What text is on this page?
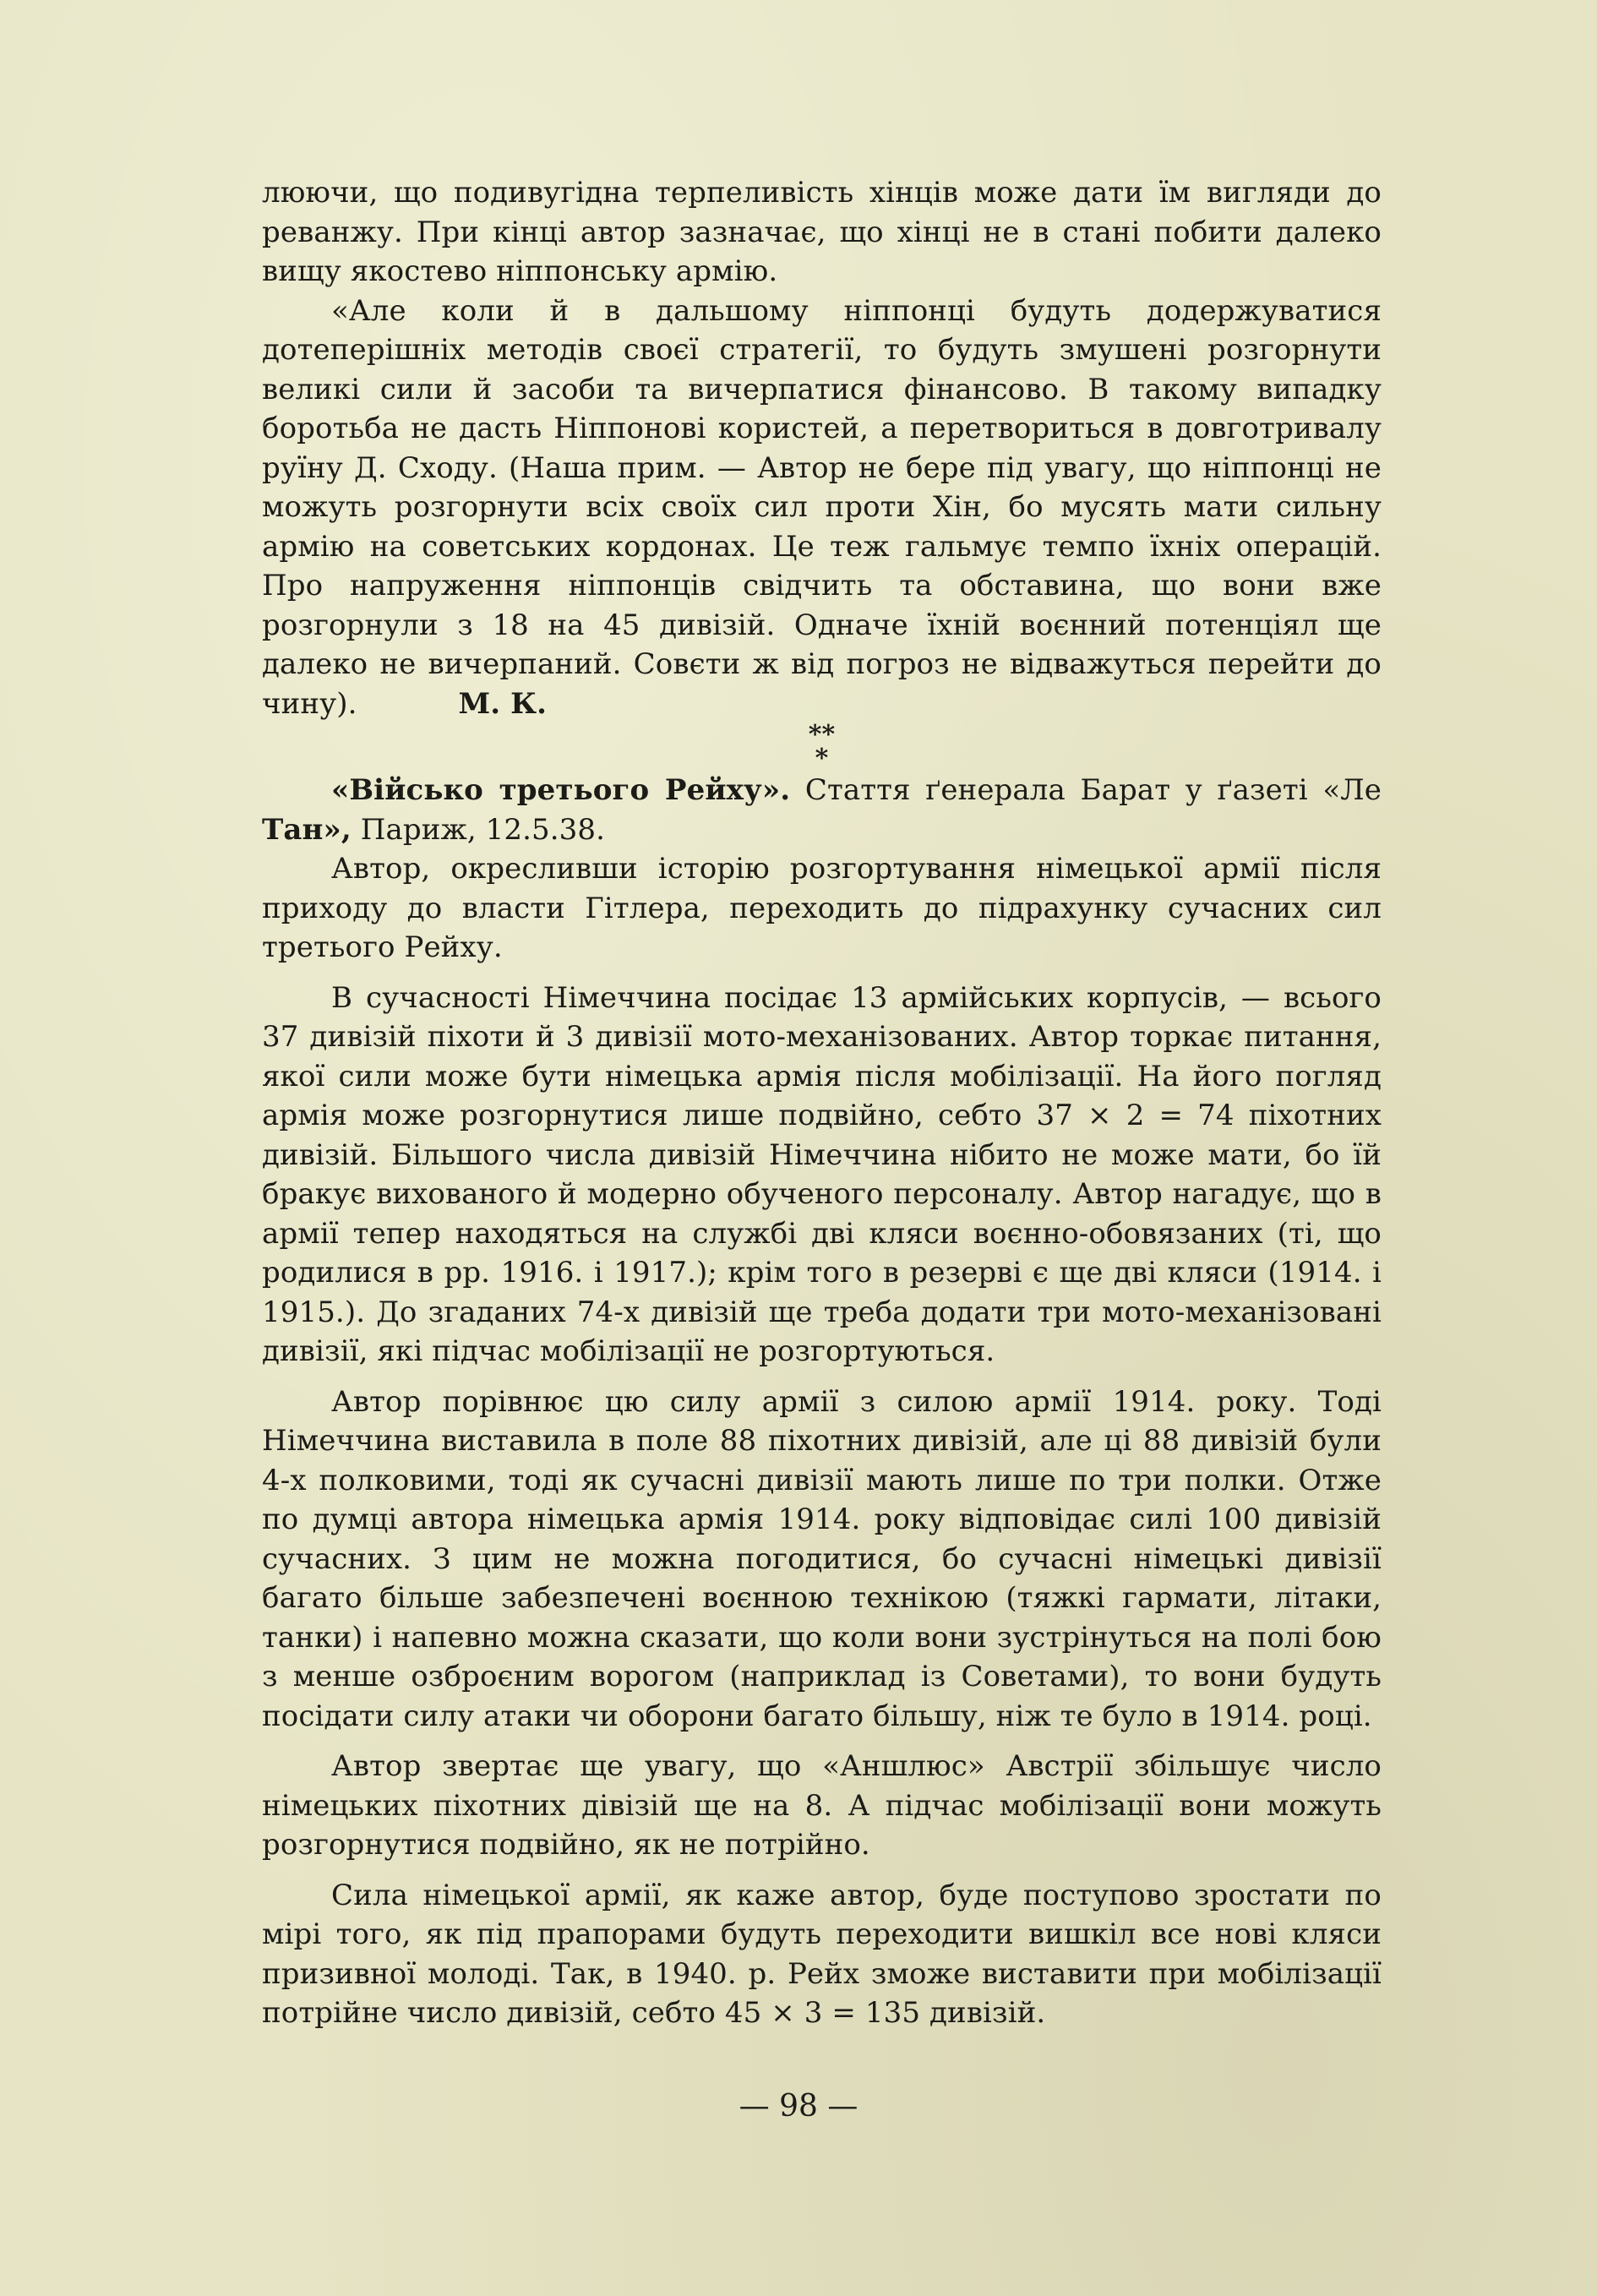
люючи, що подивугідна терпеливість хінців може дати їм вигляди до реванжу. При кінці автор зазначає, що хінці не в стані побити далеко вищу якостево ніппонську армію.

«Але коли й в дальшому ніппонці будуть додержуватися дотеперішніх методів своєї стратегії, то будуть змушені розгорнути великі сили й засоби та вичерпатися фінансово. В такому випадку боротьба не дасть Ніппонові користей, а перетвориться в довготривалу руїну Д. Сходу. (Наша прим. — Автор не бере під увагу, що ніппонці не можуть розгорнути всіх своїх сил проти Хін, бо мусять мати сильну армію на советських кордонах. Це теж гальмує темпо їхніх операцій. Про напруження ніппонців свідчить та обставина, що вони вже розгорнули з 18 на 45 дивізій. Одначе їхній воєнний потенціял ще далеко не вичерпаний. Совєти ж від погроз не відважуться перейти до чину).	М. К.

**
*

«Військо третього Рейху». Стаття ґенерала Барат у ґазеті «Ле Тан», Париж, 12.5.38.

Автор, окресливши історію розгортування німецької армії після приходу до власти Гітлера, переходить до підрахунку сучасних сил третього Рейху.

В сучасності Німеччина посідає 13 армійських корпусів, — всього 37 дивізій піхоти й 3 дивізії мото-механізованих. Автор торкає питання, якої сили може бути німецька армія після мобілізації. На його погляд армія може розгорнутися лише подвійно, себто 37 × 2 = 74 піхотних дивізій. Більшого числа дивізій Німеччина нібито не може мати, бо їй бракує вихованого й модерно обученого персоналу. Автор нагадує, що в армії тепер находяться на службі дві кляси воєнно-обовязаних (ті, що родилися в рр. 1916. і 1917.); крім того в резерві є ще дві кляси (1914. і 1915.). До згаданих 74-х дивізій ще треба додати три мото-механізовані дивізії, які підчас мобілізації не розгортуються.

Автор порівнює цю силу армії з силою армії 1914. року. Тоді Німеччина виставила в поле 88 піхотних дивізій, але ці 88 дивізій були 4-х полковими, тоді як сучасні дивізії мають лише по три полки. Отже по думці автора німецька армія 1914. року відповідає силі 100 дивізій сучасних. З цим не можна погодитися, бо сучасні німецькі дивізії багато більше забезпечені воєнною технікою (тяжкі гармати, літаки, танки) і напевно можна сказати, що коли вони зустрінуться на полі бою з менше озброєним ворогом (наприклад із Советами), то вони будуть посідати силу атаки чи оборони багато більшу, ніж те було в 1914. році.

Автор звертає ще увагу, що «Аншлюс» Австрії збільшує число німецьких піхотних дівізій ще на 8. А підчас мобілізації вони можуть розгорнутися подвійно, як не потрійно.

Сила німецької армії, як каже автор, буде поступово зростати по мірі того, як під прапорами будуть переходити вишкіл все нові кляси призивної молоді. Так, в 1940. р. Рейх зможе виставити при мобілізації потрійне число дивізій, себто 45 × 3 = 135 дивізій.

— 98 —
